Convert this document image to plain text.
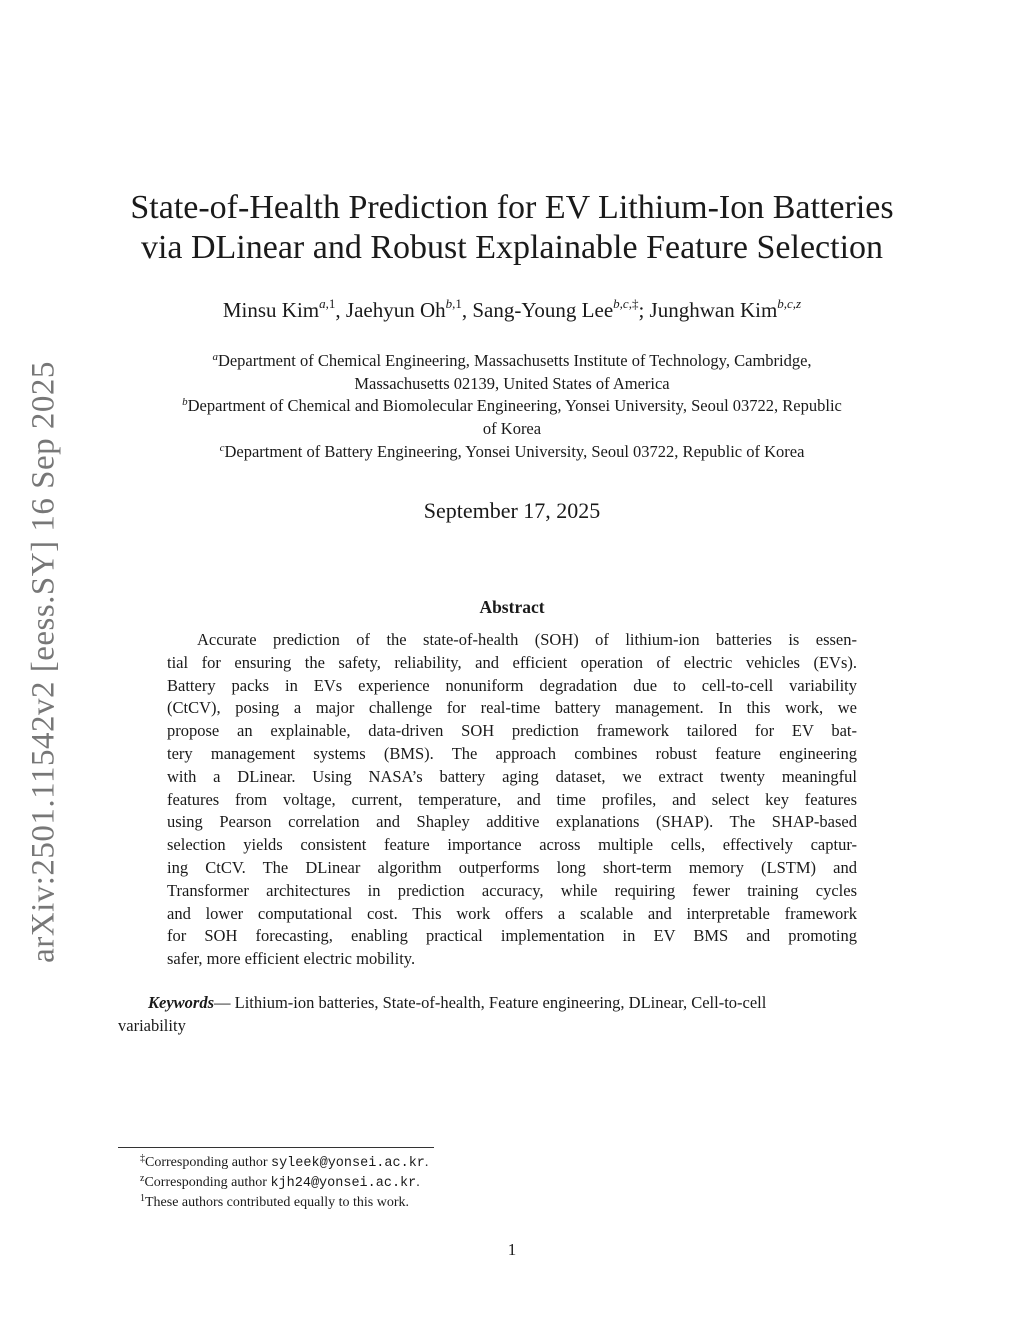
arXiv:2501.11542v2 [eess.SY] 16 Sep 2025
State-of-Health Prediction for EV Lithium-Ion Batteries
via DLinear and Robust Explainable Feature Selection
Minsu Kim$^{a,1}$, Jaehyun Oh$^{b,1}$, Sang-Young Lee$^{b,c,\ddagger}$; Junghwan Kim$^{b,c,z}$
$^a$Department of Chemical Engineering, Massachusetts Institute of Technology, Cambridge,
Massachusetts 02139, United States of America
$^b$Department of Chemical and Biomolecular Engineering, Yonsei University, Seoul 03722, Republic
of Korea
$^c$Department of Battery Engineering, Yonsei University, Seoul 03722, Republic of Korea
September 17, 2025
Abstract
Accurate prediction of the state-of-health (SOH) of lithium-ion batteries is essen-
tial for ensuring the safety, reliability, and efficient operation of electric vehicles (EVs).
Battery packs in EVs experience nonuniform degradation due to cell-to-cell variability
(CtCV), posing a major challenge for real-time battery management. In this work, we
propose an explainable, data-driven SOH prediction framework tailored for EV bat-
tery management systems (BMS). The approach combines robust feature engineering
with a DLinear. Using NASA’s battery aging dataset, we extract twenty meaningful
features from voltage, current, temperature, and time profiles, and select key features
using Pearson correlation and Shapley additive explanations (SHAP). The SHAP-based
selection yields consistent feature importance across multiple cells, effectively captur-
ing CtCV. The DLinear algorithm outperforms long short-term memory (LSTM) and
Transformer architectures in prediction accuracy, while requiring fewer training cycles
and lower computational cost. This work offers a scalable and interpretable framework
for SOH forecasting, enabling practical implementation in EV BMS and promoting
safer, more efficient electric mobility.
Keywords— Lithium-ion batteries, State-of-health, Feature engineering, DLinear, Cell-to-cell
variability
‡Corresponding author syleek@yonsei.ac.kr.
$^z$Corresponding author kjh24@yonsei.ac.kr.
$^1$These authors contributed equally to this work.
1
